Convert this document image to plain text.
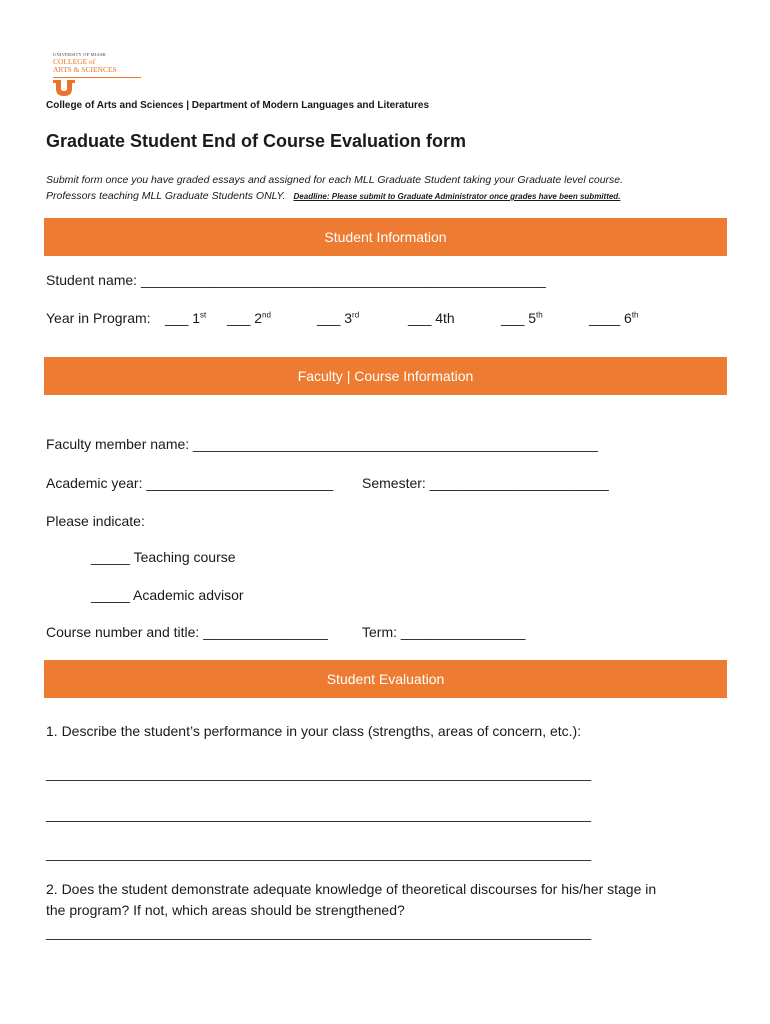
UNIVERSITY OF MIAMI
COLLEGE of
ARTS & SCIENCES
College of Arts and Sciences | Department of Modern Languages and Literatures
Graduate Student End of Course Evaluation form
Submit form once you have graded essays and assigned for each MLL Graduate Student taking your Graduate level course.
Professors teaching MLL Graduate Students ONLY. Deadline: Please submit to Graduate Administrator once grades have been submitted.
Student Information
Student name: ____________________________________________________
Year in Program: ___ 1st ___ 2nd	___ 3rd	___ 4th	___ 5th	____ 6th
Faculty | Course Information
Faculty member name: ____________________________________________________
Academic year: ________________________ Semester: _______________________
Please indicate:
_____ Teaching course
_____ Academic advisor
Course number and title: ________________ Term: ________________
Student Evaluation
1. Describe the student’s performance in your class (strengths, areas of concern, etc.):
______________________________________________________________________
______________________________________________________________________
______________________________________________________________________
2. Does the student demonstrate adequate knowledge of theoretical discourses for his/her stage in
the program? If not, which areas should be strengthened?
______________________________________________________________________
